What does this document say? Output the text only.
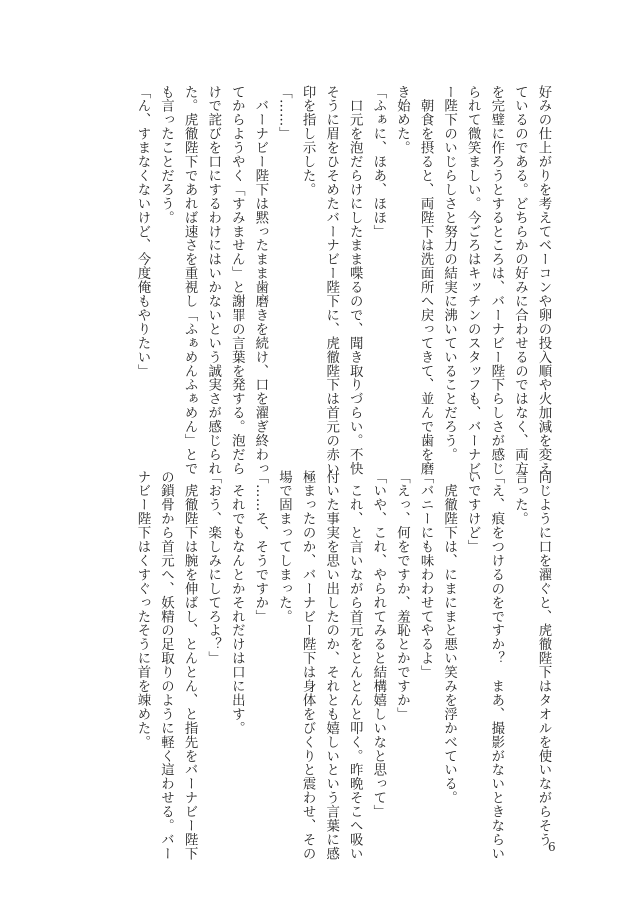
好みの仕上がりを考えてベーコンや卵の投入順や火加減を変え

ているのである。どちらかの好みに合わせるのではなく、両方

を完璧に作ろうとするところは、バーナビー陛下らしさが感じ

られて微笑ましい。今ごろはキッチンのスタッフも、バーナビ

ー陛下のいじらしさと努力の結実に沸いていることだろう。

　朝食を摂ると、両陛下は洗面所へ戻ってきて、並んで歯を磨

き始めた。

「ふぁに、ほあ、ほほ」

　口元を泡だらけにしたまま喋るので、聞き取りづらい。不快

そうに眉をひそめたバーナビー陛下に、虎徹陛下は首元の赤い

印を指し示した。

「……」

　バーナビー陛下は黙ったまま歯磨きを続け、口を濯ぎ終わっ

てからようやく「すみません」と謝罪の言葉を発する。泡だら

けで詫びを口にするわけにはいかないという誠実さが感じられ

た。虎徹陛下であれば速さを重視し「ふぁめんふぁめん」とで

も言ったことだろう。

「ん、すまなくないけど、今度俺もやりたい」

同じように口を濯ぐと、虎徹陛下はタオルを使いながらそう

言った。

「え、痕をつけるのをですか？　まあ、撮影がないときならい

いですけど」

　虎徹陛下は、にまにまと悪い笑みを浮かべている。

「バニーにも味わわせてやるよ」

「えっ、何をですか、羞恥とかですか」

「いや、これ、やられてみると結構嬉しいなと思って」

　これ、と言いながら首元をとんとんと叩く。昨晩そこへ吸い

付いた事実を思い出したのか、それとも嬉しいという言葉に感

極まったのか、バーナビー陛下は身体をびくりと震わせ、その

場で固まってしまった。

「……そ、そうですか」

　それでもなんとかそれだけは口に出す。

「おう、楽しみにしてろよ？」

　虎徹陛下は腕を伸ばし、とんとん、と指先をバーナビー陛下

の鎖骨から首元へ、妖精の足取りのように軽く這わせる。バー

ナビー陛下はくすぐったそうに首を竦めた。

6
